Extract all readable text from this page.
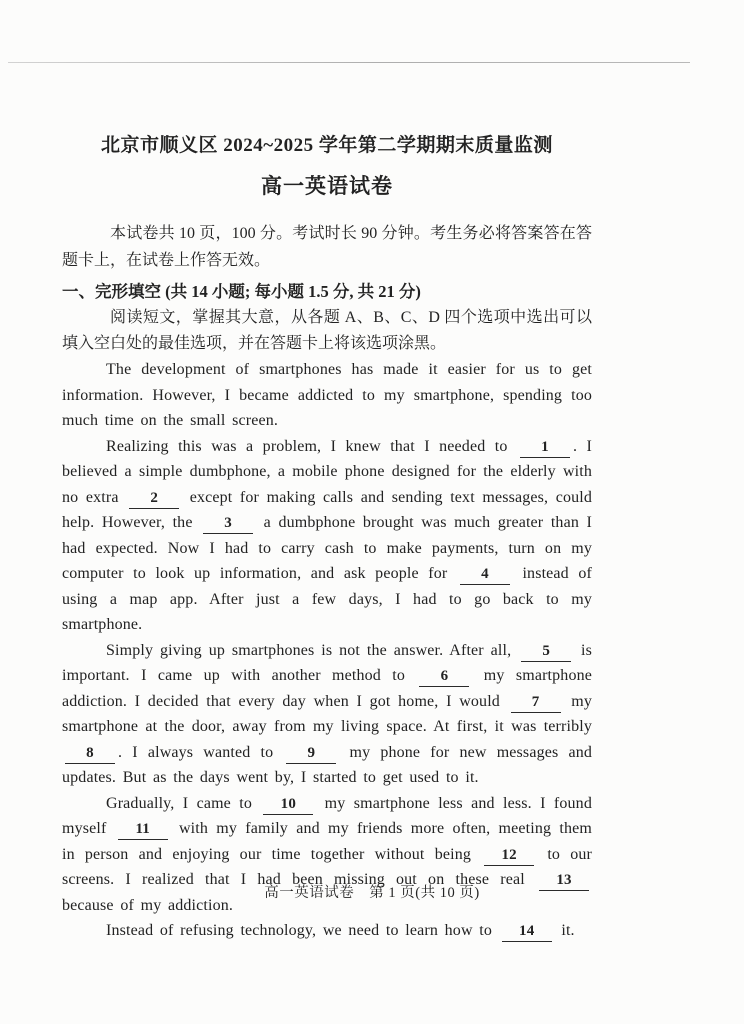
北京市顺义区 2024~2025 学年第二学期期末质量监测
高一英语试卷

本试卷共 10 页，100 分。考试时长 90 分钟。考生务必将答案答在答题卡上，在试卷上作答无效。

一、完形填空 (共 14 小题; 每小题 1.5 分, 共 21 分)

阅读短文，掌握其大意，从各题 A、B、C、D 四个选项中选出可以填入空白处的最佳选项，并在答题卡上将该选项涂黑。

The development of smartphones has made it easier for us to get information. However, I became addicted to my smartphone, spending too much time on the small screen.

Realizing this was a problem, I knew that I needed to 1 . I believed a simple dumbphone, a mobile phone designed for the elderly with no extra 2 except for making calls and sending text messages, could help. However, the 3 a dumbphone brought was much greater than I had expected. Now I had to carry cash to make payments, turn on my computer to look up information, and ask people for 4 instead of using a map app. After just a few days, I had to go back to my smartphone.

Simply giving up smartphones is not the answer. After all, 5 is important. I came up with another method to 6 my smartphone addiction. I decided that every day when I got home, I would 7 my smartphone at the door, away from my living space. At first, it was terribly 8 . I always wanted to 9 my phone for new messages and updates. But as the days went by, I started to get used to it.

Gradually, I came to 10 my smartphone less and less. I found myself 11 with my family and my friends more often, meeting them in person and enjoying our time together without being 12 to our screens. I realized that I had been missing out on these real 13 because of my addiction.

Instead of refusing technology, we need to learn how to 14 it.

高一英语试卷　第 1 页(共 10 页)
